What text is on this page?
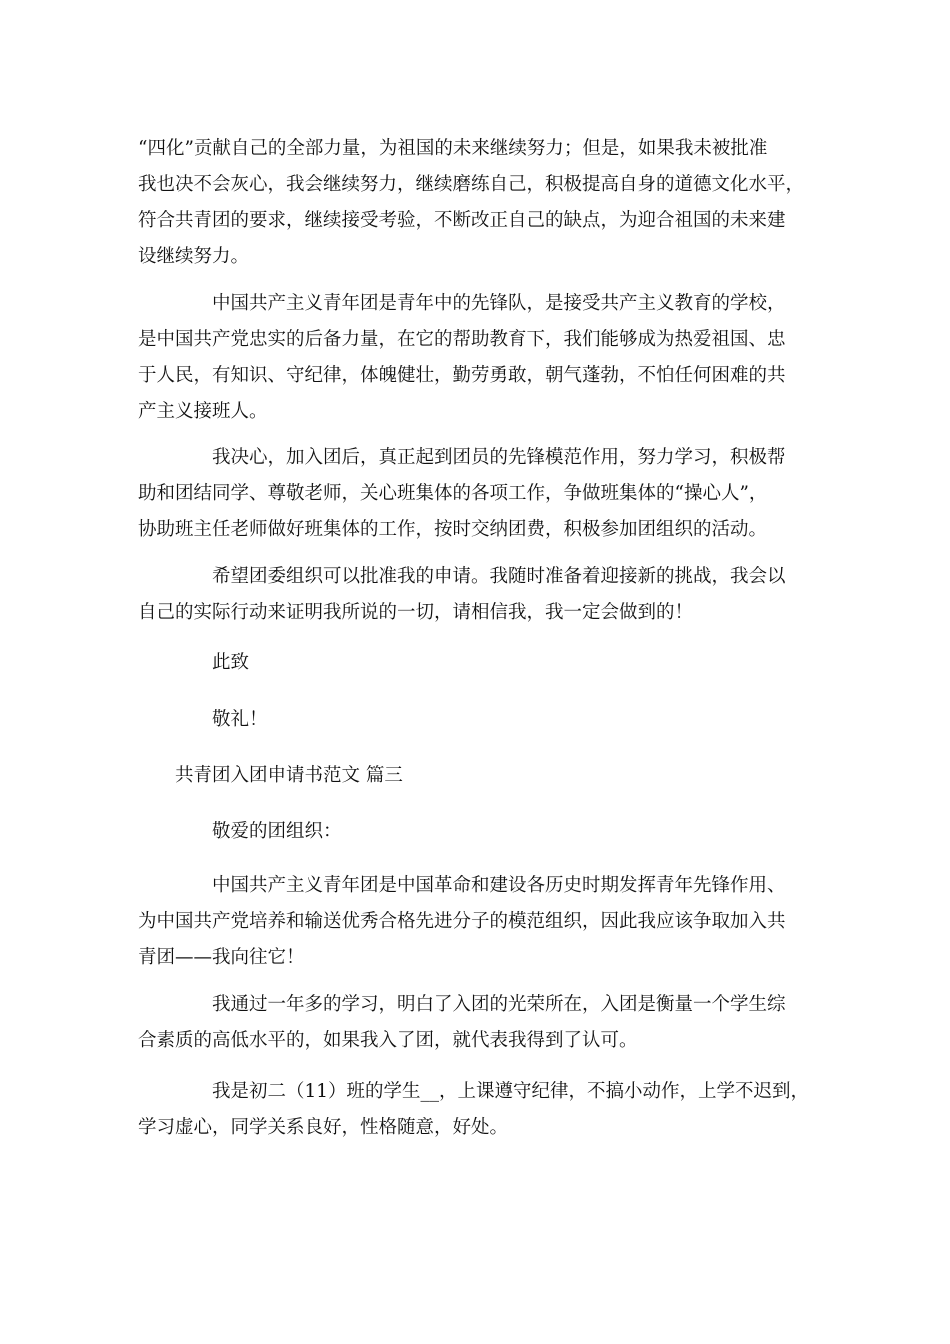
“四化”贡献自己的全部力量，为祖国的未来继续努力；但是，如果我未被批准
我也决不会灰心，我会继续努力，继续磨练自己，积极提高自身的道德文化水平，
符合共青团的要求，继续接受考验，不断改正自己的缺点，为迎合祖国的未来建
设继续努力。
中国共产主义青年团是青年中的先锋队，是接受共产主义教育的学校，
是中国共产党忠实的后备力量，在它的帮助教育下，我们能够成为热爱祖国、忠
于人民，有知识、守纪律，体魄健壮，勤劳勇敢，朝气蓬勃，不怕任何困难的共
产主义接班人。
我决心，加入团后，真正起到团员的先锋模范作用，努力学习，积极帮
助和团结同学、尊敬老师，关心班集体的各项工作，争做班集体的“操心人”，
协助班主任老师做好班集体的工作，按时交纳团费，积极参加团组织的活动。
希望团委组织可以批准我的申请。我随时准备着迎接新的挑战，我会以
自己的实际行动来证明我所说的一切，请相信我，我一定会做到的！
此致
敬礼！
共青团入团申请书范文 篇三
敬爱的团组织：
中国共产主义青年团是中国革命和建设各历史时期发挥青年先锋作用、
为中国共产党培养和输送优秀合格先进分子的模范组织，因此我应该争取加入共
青团——我向往它！
我通过一年多的学习，明白了入团的光荣所在，入团是衡量一个学生综
合素质的高低水平的，如果我入了团，就代表我得到了认可。
我是初二（11）班的学生__，上课遵守纪律，不搞小动作，上学不迟到，
学习虚心，同学关系良好，性格随意，好处。
